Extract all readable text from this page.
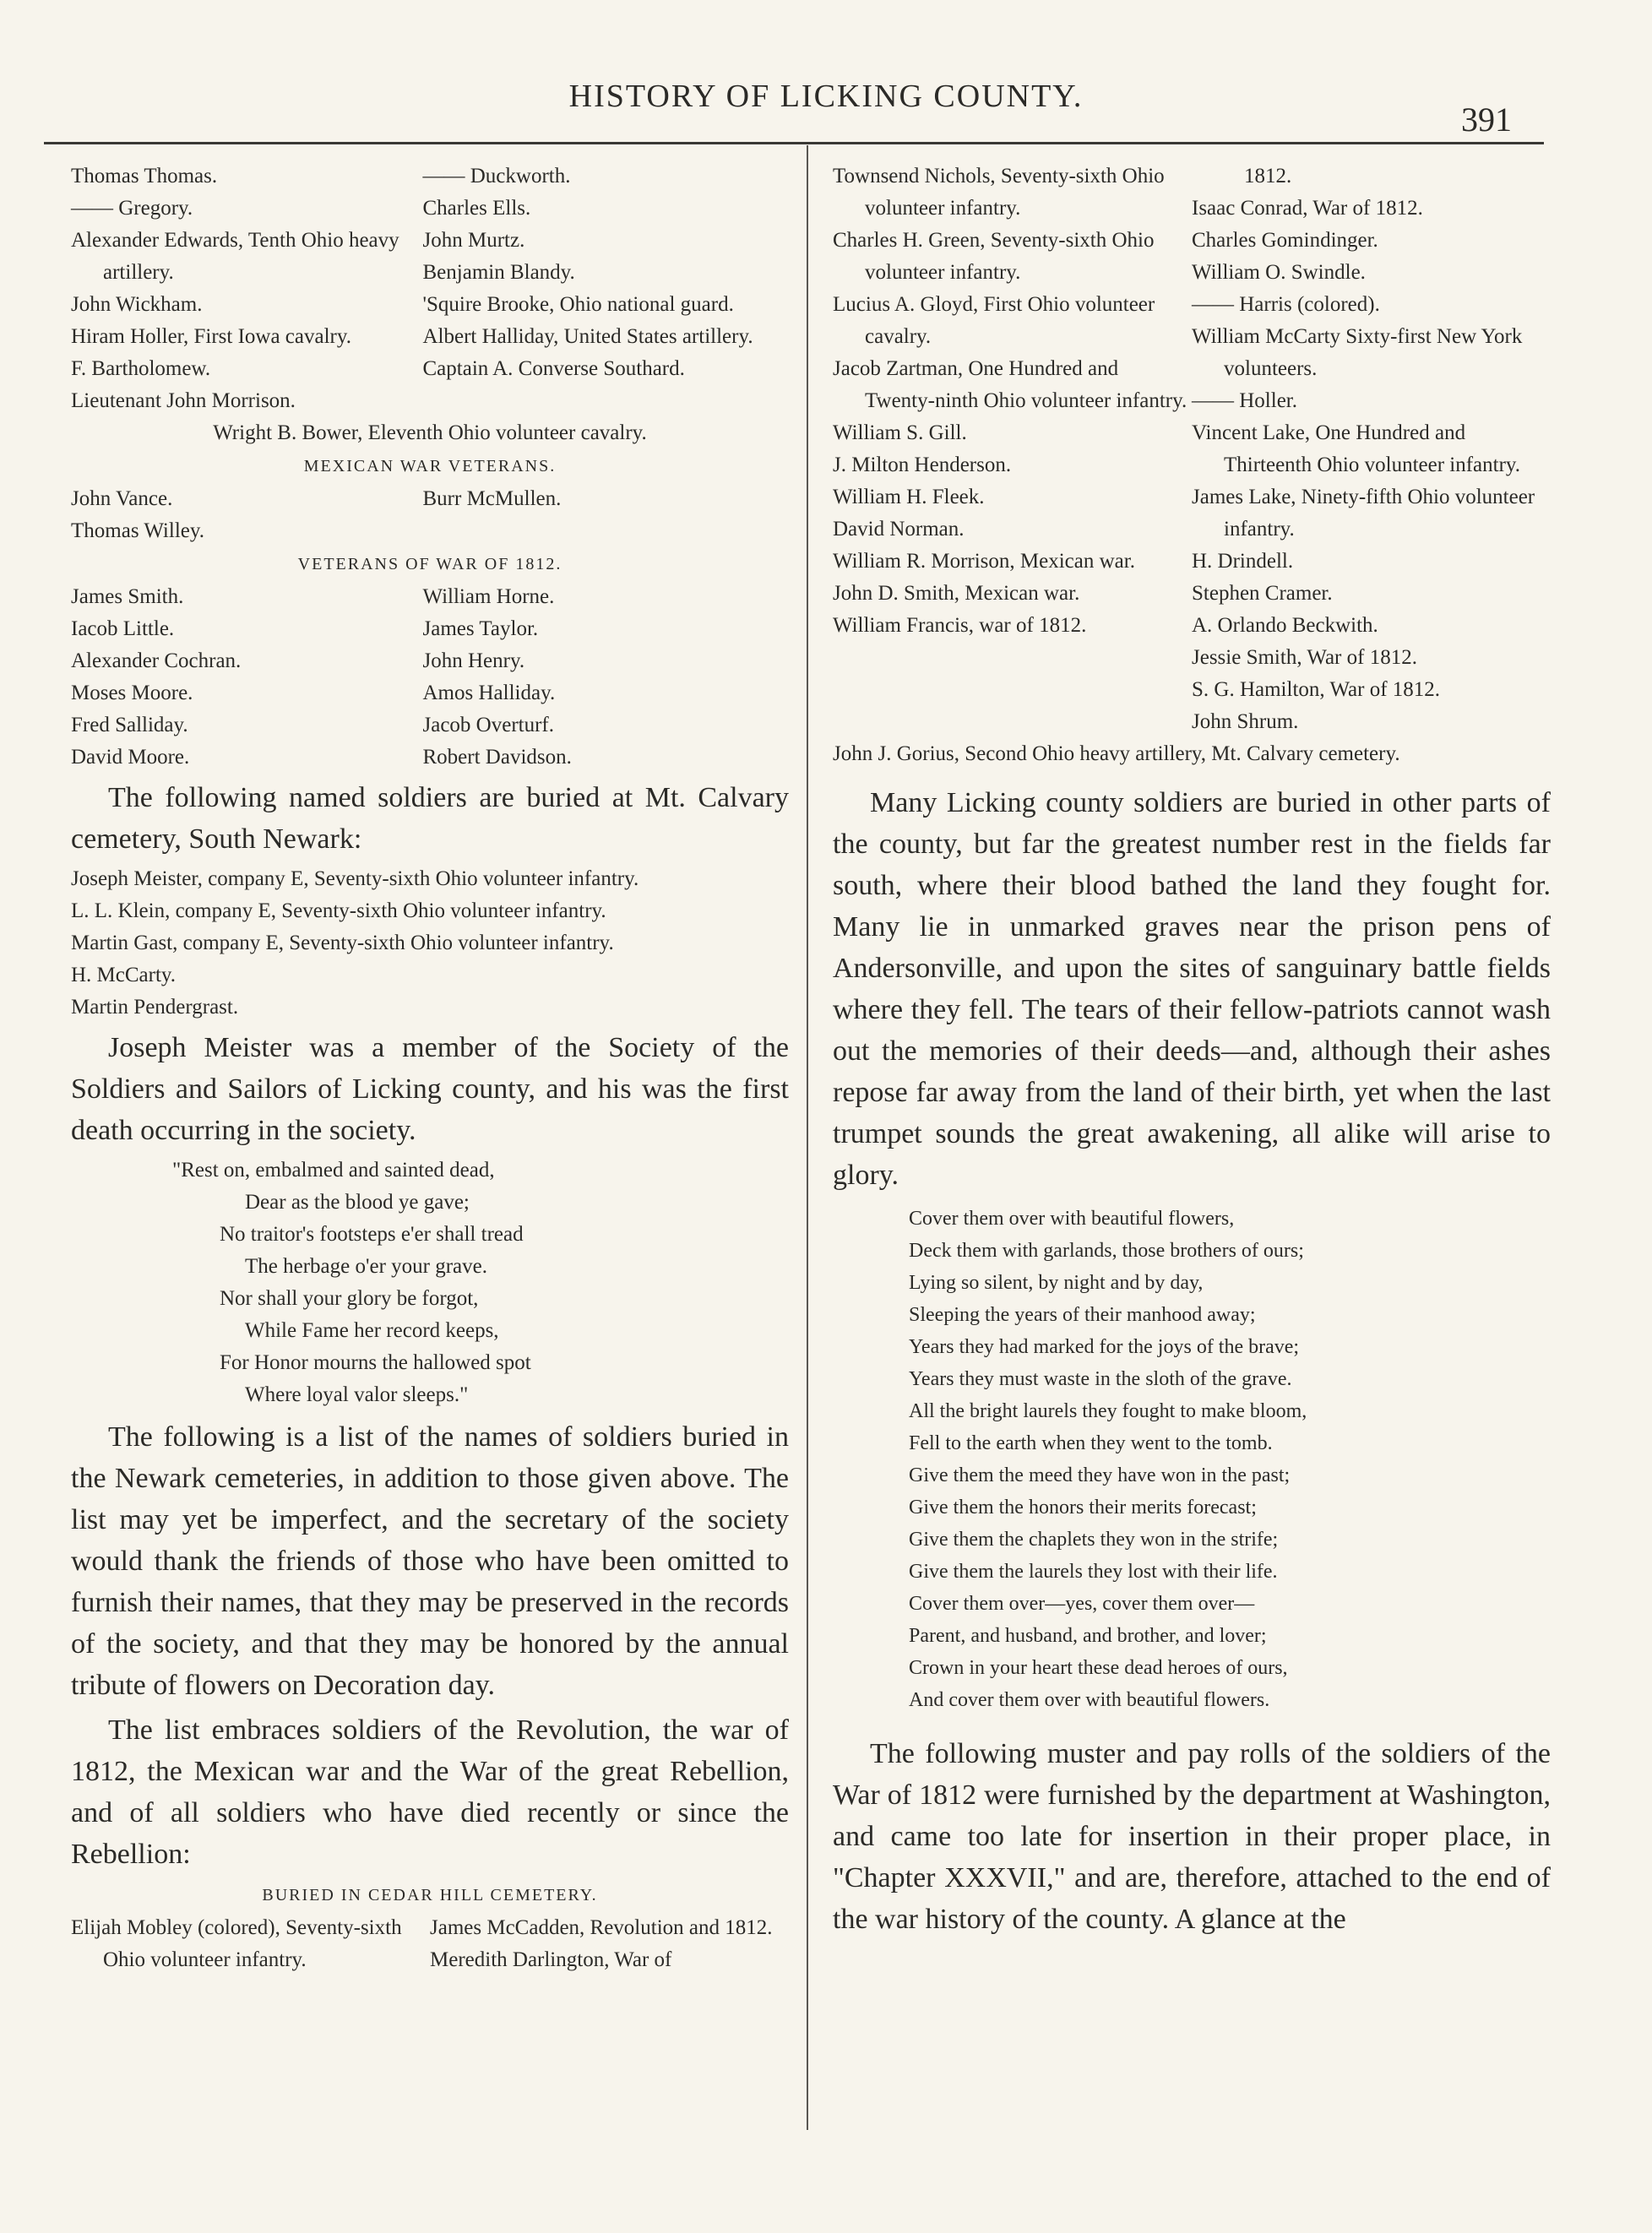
HISTORY OF LICKING COUNTY.
391
Thomas Thomas.
—— Gregory.
Alexander Edwards, Tenth Ohio heavy artillery.
John Wickham.
Hiram Holler, First Iowa cavalry.
F. Bartholomew.
Lieutenant John Morrison.
—— Duckworth.
Charles Ells.
John Murtz.
Benjamin Blandy.
'Squire Brooke, Ohio national guard.
Albert Halliday, United States artillery.
Captain A. Converse Southard.
Wright B. Bower, Eleventh Ohio volunteer cavalry.
MEXICAN WAR VETERANS.
John Vance.
Thomas Willey.
Burr McMullen.
VETERANS OF WAR OF 1812.
James Smith.
Iacob Little.
Alexander Cochran.
Moses Moore.
Fred Salliday.
David Moore.
William Horne.
James Taylor.
John Henry.
Amos Halliday.
Jacob Overturf.
Robert Davidson.

The following named soldiers are buried at Mt. Calvary cemetery, South Newark:

Joseph Meister, company E, Seventy-sixth Ohio volunteer infantry.
L. L. Klein, company E, Seventy-sixth Ohio volunteer infantry.
Martin Gast, company E, Seventy-sixth Ohio volunteer infantry.
H. McCarty.
Martin Pendergrast.

Joseph Meister was a member of the Society of the Soldiers and Sailors of Licking county, and his was the first death occurring in the society.

"Rest on, embalmed and sainted dead,
Dear as the blood ye gave;
No traitor's footsteps e'er shall tread
The herbage o'er your grave.
Nor shall your glory be forgot,
While Fame her record keeps,
For Honor mourns the hallowed spot
Where loyal valor sleeps."

The following is a list of the names of soldiers buried in the Newark cemeteries, in addition to those given above. The list may yet be imperfect, and the secretary of the society would thank the friends of those who have been omitted to furnish their names, that they may be preserved in the records of the society, and that they may be honored by the annual tribute of flowers on Decoration day.

The list embraces soldiers of the Revolution, the war of 1812, the Mexican war and the War of the great Rebellion, and of all soldiers who have died recently or since the Rebellion:

BURIED IN CEDAR HILL CEMETERY.
Elijah Mobley (colored), Seventy-sixth Ohio volunteer infantry.
James McCadden, Revolution and 1812.
Meredith Darlington, War of
Townsend Nichols, Seventy-sixth Ohio volunteer infantry.
Charles H. Green, Seventy-sixth Ohio volunteer infantry.
Lucius A. Gloyd, First Ohio volunteer cavalry.
Jacob Zartman, One Hundred and Twenty-ninth Ohio volunteer infantry.
William S. Gill.
J. Milton Henderson.
William H. Fleek.
David Norman.
William R. Morrison, Mexican war.
John D. Smith, Mexican war.
William Francis, war of 1812.
1812.
Isaac Conrad, War of 1812.
Charles Gomindinger.
William O. Swindle.
—— Harris (colored).
William McCarty Sixty-first New York volunteers.
—— Holler.
Vincent Lake, One Hundred and Thirteenth Ohio volunteer infantry.
James Lake, Ninety-fifth Ohio volunteer infantry.
H. Drindell.
Stephen Cramer.
A. Orlando Beckwith.
Jessie Smith, War of 1812.
S. G. Hamilton, War of 1812.
John Shrum.
John J. Gorius, Second Ohio heavy artillery, Mt. Calvary cemetery.

Many Licking county soldiers are buried in other parts of the county, but far the greatest number rest in the fields far south, where their blood bathed the land they fought for. Many lie in unmarked graves near the prison pens of Andersonville, and upon the sites of sanguinary battle fields where they fell. The tears of their fellow-patriots cannot wash out the memories of their deeds—and, although their ashes repose far away from the land of their birth, yet when the last trumpet sounds the great awakening, all alike will arise to glory.

Cover them over with beautiful flowers,
Deck them with garlands, those brothers of ours;
Lying so silent, by night and by day,
Sleeping the years of their manhood away;
Years they had marked for the joys of the brave;
Years they must waste in the sloth of the grave.
All the bright laurels they fought to make bloom,
Fell to the earth when they went to the tomb.
Give them the meed they have won in the past;
Give them the honors their merits forecast;
Give them the chaplets they won in the strife;
Give them the laurels they lost with their life.
Cover them over—yes, cover them over—
Parent, and husband, and brother, and lover;
Crown in your heart these dead heroes of ours,
And cover them over with beautiful flowers.

The following muster and pay rolls of the soldiers of the War of 1812 were furnished by the department at Washington, and came too late for insertion in their proper place, in "Chapter XXXVII," and are, therefore, attached to the end of the war history of the county. A glance at the
